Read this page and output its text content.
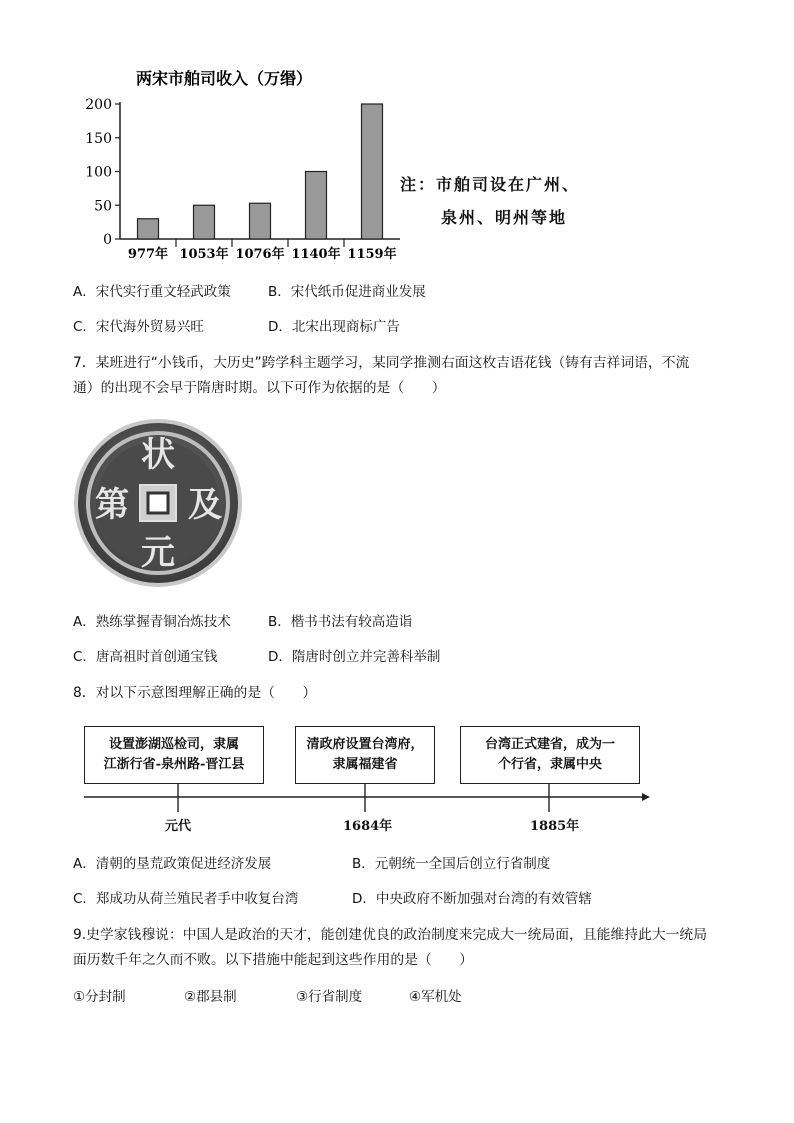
两宋市舶司收入（万缗）
0
50
100
150
200
977年 1053年 1076年 1140年 1159年
注：市舶司设在广州、
泉州、明州等地
A．宋代实行重文轻武政策	B．宋代纸币促进商业发展
C．宋代海外贸易兴旺	D．北宋出现商标广告
7．某班进行“小钱币，大历史”跨学科主题学习，某同学推测右面这枚吉语花钱（铸有吉祥词语，不流
通）的出现不会早于隋唐时期。以下可作为依据的是（　　）
状
及
元
第
A．熟练掌握青铜冶炼技术	B．楷书书法有较高造诣
C．唐高祖时首创通宝钱	D．隋唐时创立并完善科举制
8．对以下示意图理解正确的是（　　）
设置澎湖巡检司，隶属
江浙行省-泉州路-晋江县
清政府设置台湾府，
隶属福建省
台湾正式建省，成为一
个行省，隶属中央
元代	1684年	1885年
A．清朝的垦荒政策促进经济发展	B．元朝统一全国后创立行省制度
C．郑成功从荷兰殖民者手中收复台湾	D．中央政府不断加强对台湾的有效管辖
9.史学家钱穆说：中国人是政治的天才，能创建优良的政治制度来完成大一统局面，且能维持此大一统局
面历数千年之久而不败。以下措施中能起到这些作用的是（　　）
①分封制	②郡县制	③行省制度	④军机处
